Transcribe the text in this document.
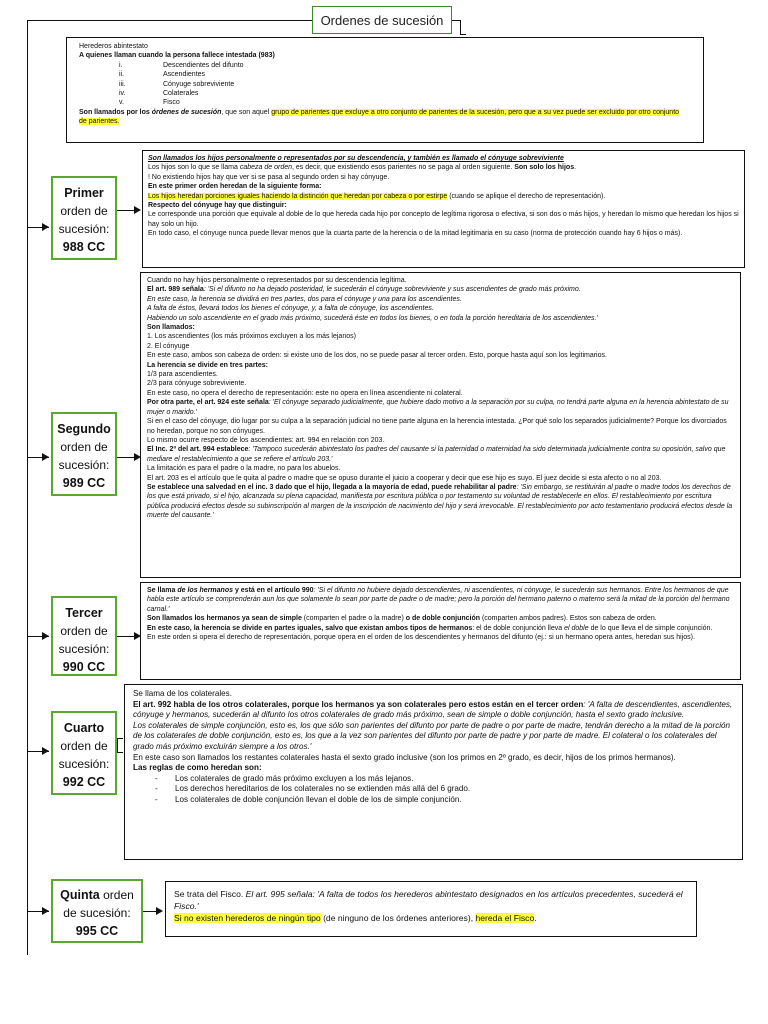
Ordenes de sucesión

Herederos abintestato

A quienes llaman cuando la persona fallece intestada (983)

i.	Descendientes del difunto
ii.	Ascendientes
iii.	Cónyuge sobreviviente
iv.	Colaterales
v.	Fisco

Son llamados por los órdenes de sucesión, que son aquel grupo de parientes que excluye a otro conjunto de parientes de la sucesión, pero que a su vez puede ser excluido por otro conjunto de parientes.

Primer
orden de sucesión:
988 CC

Son llamados los hijos personalmente o representados por su descendencia, y también es llamado el cónyuge sobreviviente

Los hijos son lo que se llama cabeza de orden, es decir, que existiendo esos parientes no se paga al orden siguiente. Son solo los hijos.

! No existiendo hijos hay que ver si se pasa al segundo orden si hay cónyuge.

En este primer orden heredan de la siguiente forma:

Los hijos heredan porciones iguales haciendo la distinción que heredan por cabeza o por estirpe (cuando se aplique el derecho de representación).

Respecto del cónyuge hay que distinguir:

Le corresponde una porción que equivale al doble de lo que hereda cada hijo por concepto de legítima rigorosa o efectiva, si son dos o más hijos, y heredan lo mismo que heredan los hijos si hay solo un hijo.

En todo caso, el cónyuge nunca puede llevar menos que la cuarta parte de la herencia o de la mitad legitimaria en su caso (norma de protección cuando hay 6 hijos o más).

Segundo
orden de sucesión:
989 CC

Cuando no hay hijos personalmente o representados por su descendencia legítima.

El art. 989 señala: 'Si el difunto no ha dejado posteridad, le sucederán el cónyuge sobreviviente y sus ascendientes de grado más próximo.

En este caso, la herencia se dividirá en tres partes, dos para el cónyuge y una para los ascendientes.

A falta de éstos, llevará todos los bienes el cónyuge, y, a falta de cónyuge, los ascendientes.

Habiendo un solo ascendiente en el grado más próximo, sucederá éste en todos los bienes, o en toda la porción hereditaria de los ascendientes.'

Son llamados:

1. Los ascendientes (los más próximos excluyen a los más lejanos)

2. El cónyuge

En este caso, ambos son cabeza de orden: si existe uno de los dos, no se puede pasar al tercer orden. Esto, porque hasta aquí son los legitimarios.

La herencia se divide en tres partes:

1/3 para ascendientes.

2/3 para cónyuge sobreviviente.

En este caso, no opera el derecho de representación: este no opera en línea ascendiente ni colateral.

Por otra parte, el art. 924 este señala: 'El cónyuge separado judicialmente, que hubiere dado motivo a la separación por su culpa, no tendrá parte alguna en la herencia abintestato de su mujer o marido.'

Si en el caso del cónyuge, dio lugar por su culpa a la separación judicial no tiene parte alguna en la herencia intestada. ¿Por qué solo los separados judicialmente? Porque los divorciados no heredan, porque no son cónyuges.

Lo mismo ocurre respecto de los ascendientes: art. 994 en relación con 203.

El Inc. 2º del art. 994 establece: 'Tampoco sucederán abintestato los padres del causante si la paternidad o maternidad ha sido determinada judicialmente contra su oposición, salvo que mediare el restablecimiento a que se refiere el artículo 203.'

La limitación es para el padre o la madre, no para los abuelos.

El art. 203 es el artículo que le quita al padre o madre que se opuso durante el juicio a cooperar y decir que ese hijo es suyo. El juez decide si esta afecto o no al 203.

Se establece una salvedad en el inc. 3 dado que el hijo, llegada a la mayoría de edad, puede rehabilitar al padre: 'Sin embargo, se restituirán al padre o madre todos los derechos de los que está privado, si el hijo, alcanzada su plena capacidad, manifiesta por escritura pública o por testamento su voluntad de restablecerle en ellos. El restablecimiento por escritura pública producirá efectos desde su subinscripción al margen de la inscripción de nacimiento del hijo y será irrevocable. El restablecimiento por acto testamentario producirá efectos desde la muerte del causante.'

Tercer
orden de sucesión:
990 CC

Se llama de los hermanos y está en el artículo 990: 'Si el difunto no hubiere dejado descendientes, ni ascendientes, ni cónyuge, le sucederán sus hermanos. Entre los hermanos de que habla este artículo se comprenderán aun los que solamente lo sean por parte de padre o de madre; pero la porción del hermano paterno o materno será la mitad de la porción del hermano carnal.'

Son llamados los hermanos ya sean de simple (comparten el padre o la madre) o de doble conjunción (comparten ambos padres). Estos son cabeza de orden.

En este caso, la herencia se divide en partes iguales, salvo que existan ambos tipos de hermanos: el de doble conjunción lleva el doble de lo que lleva el de simple conjunción.

En este orden si opera el derecho de representación, porque opera en el orden de los descendientes y hermanos del difunto (ej.: si un hermano opera antes, heredan sus hijos).

Cuarto
orden de sucesión:
992 CC

Se llama de los colaterales.

El art. 992 habla de los otros colaterales, porque los hermanos ya son colaterales pero estos están en el tercer orden: 'A falta de descendientes, ascendientes, cónyuge y hermanos, sucederán al difunto los otros colaterales de grado más próximo, sean de simple o doble conjunción, hasta el sexto grado inclusive.

Los colaterales de simple conjunción, esto es, los que sólo son parientes del difunto por parte de padre o por parte de madre, tendrán derecho a la mitad de la porción de los colaterales de doble conjunción, esto es, los que a la vez son parientes del difunto por parte de padre y por parte de madre. El colateral o los colaterales del grado más próximo excluirán siempre a los otros.'

En este caso son llamados los restantes colaterales hasta el sexto grado inclusive (son los primos en 2º grado, es decir, hijos de los primos hermanos).

Las reglas de como heredan son:

- Los colaterales de grado más próximo excluyen a los más lejanos.
- Los derechos hereditarios de los colaterales no se extienden más allá del 6 grado.
- Los colaterales de doble conjunción llevan el doble de los de simple conjunción.
Quinta orden de sucesión:
995 CC

Se trata del Fisco. El art. 995 señala: 'A falta de todos los herederos abintestato designados en los artículos precedentes, sucederá el Fisco.'

Si no existen herederos de ningún tipo (de ninguno de los órdenes anteriores), hereda el Fisco.
